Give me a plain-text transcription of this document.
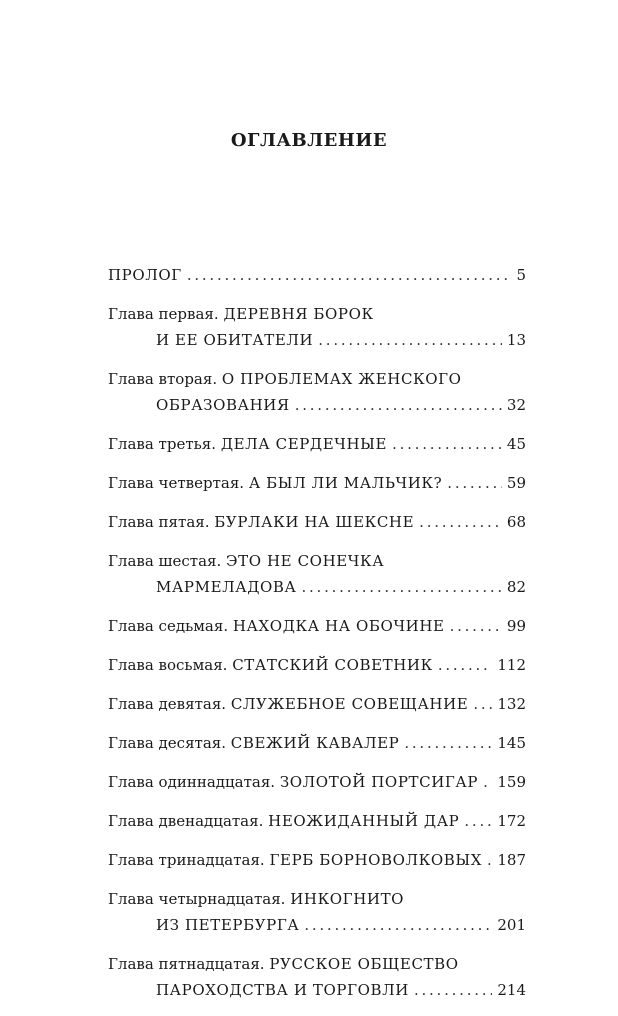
ОГЛАВЛЕНИЕ
ПРОЛОГ . . .	5
Глава первая. ДЕРЕВНЯ БОРОК
И ЕЕ ОБИТАТЕЛИ . . .	13
Глава вторая. О ПРОБЛЕМАХ ЖЕНСКОГО
ОБРАЗОВАНИЯ . . .	32
Глава третья. ДЕЛА СЕРДЕЧНЫЕ . . .	45
Глава четвертая. А БЫЛ ЛИ МАЛЬЧИК? . . .	59
Глава пятая. БУРЛАКИ НА ШЕКСНЕ . . .	68
Глава шестая. ЭТО НЕ СОНЕЧКА
МАРМЕЛАДОВА . . .	82
Глава седьмая. НАХОДКА НА ОБОЧИНЕ . . .	99
Глава восьмая. СТАТСКИЙ СОВЕТНИК . . .	112
Глава девятая. СЛУЖЕБНОЕ СОВЕЩАНИЕ . . . 132
Глава десятая. СВЕЖИЙ КАВАЛЕР . . .	145
Глава одиннадцатая. ЗОЛОТОЙ ПОРТСИГАР . . . 159
Глава двенадцатая. НЕОЖИДАННЫЙ ДАР . . .	172
Глава тринадцатая. ГЕРБ БОРНОВОЛКОВЫХ . . . 187
Глава четырнадцатая. ИНКОГНИТО
ИЗ ПЕТЕРБУРГА . . .	201
Глава пятнадцатая. РУССКОЕ ОБЩЕСТВО
ПАРОХОДСТВА И ТОРГОВЛИ . . .	214
